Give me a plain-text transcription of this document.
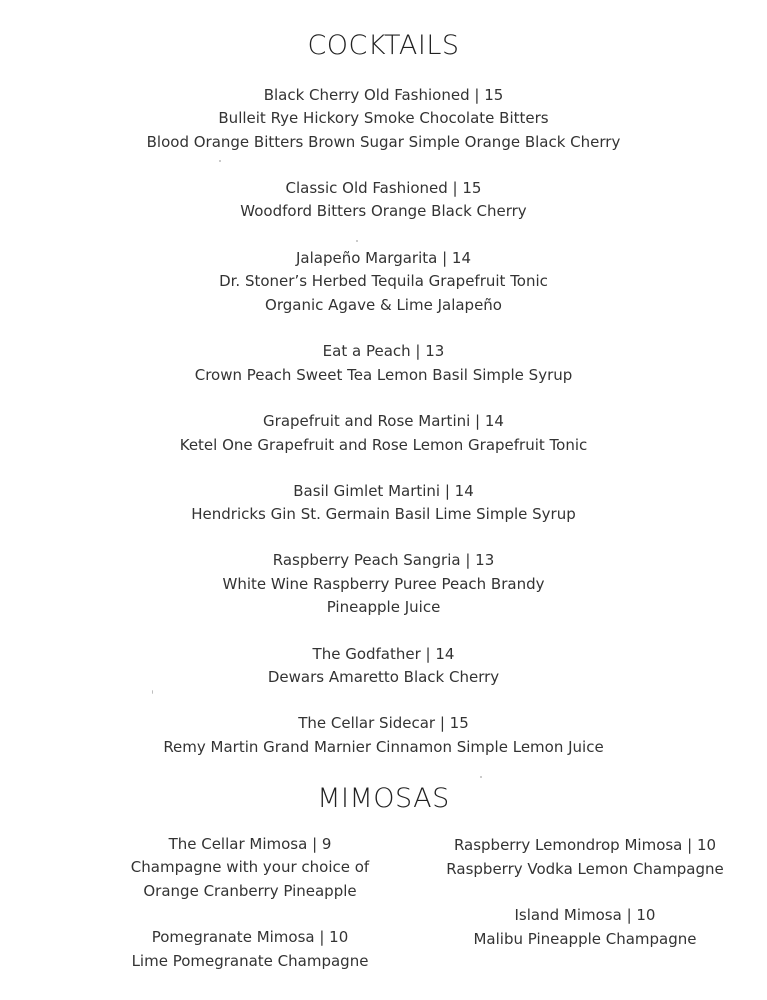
COCKTAILS
Black Cherry Old Fashioned | 15
Bulleit Rye Hickory Smoke Chocolate Bitters
Blood Orange Bitters Brown Sugar Simple Orange Black Cherry
Classic Old Fashioned | 15
Woodford Bitters Orange Black Cherry
Jalapeño Margarita | 14
Dr. Stoner’s Herbed Tequila Grapefruit Tonic
Organic Agave & Lime Jalapeño
Eat a Peach | 13
Crown Peach Sweet Tea Lemon Basil Simple Syrup
Grapefruit and Rose Martini | 14
Ketel One Grapefruit and Rose Lemon Grapefruit Tonic
Basil Gimlet Martini | 14
Hendricks Gin St. Germain Basil Lime Simple Syrup
Raspberry Peach Sangria | 13
White Wine Raspberry Puree Peach Brandy
Pineapple Juice
The Godfather | 14
Dewars Amaretto Black Cherry
The Cellar Sidecar | 15
Remy Martin Grand Marnier Cinnamon Simple Lemon Juice
MIMOSAS
The Cellar Mimosa | 9
Champagne with your choice of
Orange Cranberry Pineapple
Pomegranate Mimosa | 10
Lime Pomegranate Champagne
Raspberry Lemondrop Mimosa | 10
Raspberry Vodka Lemon Champagne
Island Mimosa | 10
Malibu Pineapple Champagne
